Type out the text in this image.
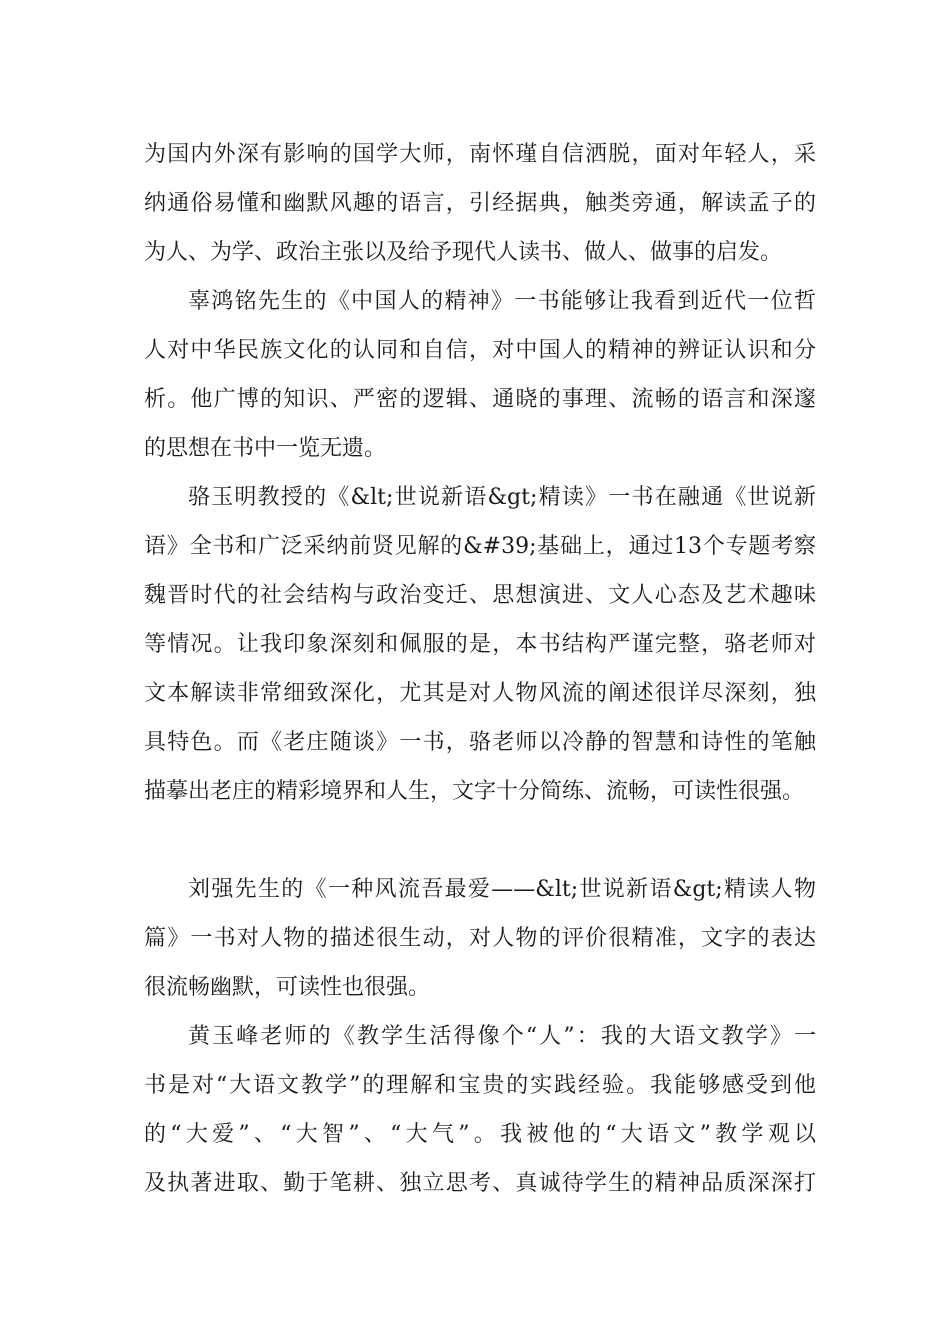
为国内外深有影响的国学大师，南怀瑾自信洒脱，面对年轻人，采
纳通俗易懂和幽默风趣的语言，引经据典，触类旁通，解读孟子的
为人、为学、政治主张以及给予现代人读书、做人、做事的启发。
辜鸿铭先生的《中国人的精神》一书能够让我看到近代一位哲
人对中华民族文化的认同和自信，对中国人的精神的辨证认识和分
析。他广博的知识、严密的逻辑、通晓的事理、流畅的语言和深邃
的思想在书中一览无遗。
骆玉明教授的《&lt;世说新语&gt;精读》一书在融通《世说新
语》全书和广泛采纳前贤见解的&#39;基础上，通过13个专题考察
魏晋时代的社会结构与政治变迁、思想演进、文人心态及艺术趣味
等情况。让我印象深刻和佩服的是，本书结构严谨完整，骆老师对
文本解读非常细致深化，尤其是对人物风流的阐述很详尽深刻，独
具特色。而《老庄随谈》一书，骆老师以冷静的智慧和诗性的笔触
描摹出老庄的精彩境界和人生，文字十分简练、流畅，可读性很强。
刘强先生的《一种风流吾最爱——&lt;世说新语&gt;精读人物
篇》一书对人物的描述很生动，对人物的评价很精准，文字的表达
很流畅幽默，可读性也很强。
黄玉峰老师的《教学生活得像个“人”：我的大语文教学》一
书是对“大语文教学”的理解和宝贵的实践经验。我能够感受到他
的“大爱”、“大智”、“大气”。我被他的“大语文”教学观以
及执著进取、勤于笔耕、独立思考、真诚待学生的精神品质深深打
